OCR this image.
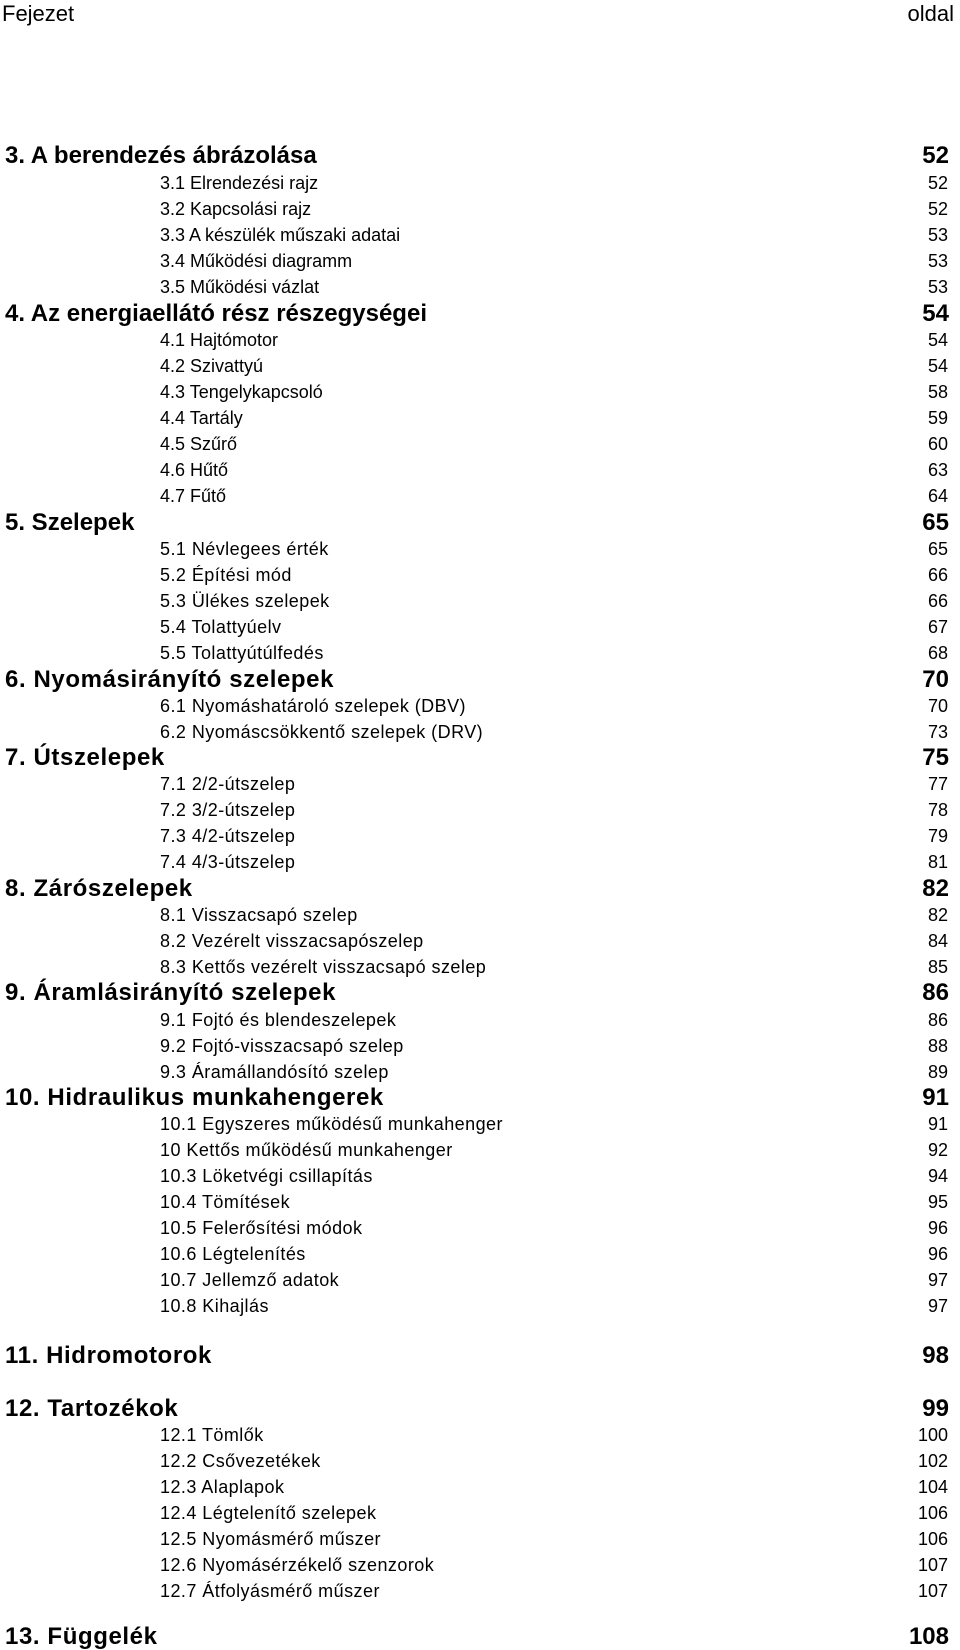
Fejezet	oldal
3. A berendezés ábrázolása	52
3.1 Elrendezési rajz	52
3.2 Kapcsolási rajz	52
3.3 A készülék műszaki adatai	53
3.4 Működési diagramm	53
3.5 Működési vázlat	53
4. Az energiaellátó rész részegységei	54
4.1 Hajtómotor	54
4.2 Szivattyú	54
4.3 Tengelykapcsoló	58
4.4 Tartály	59
4.5 Szűrő	60
4.6 Hűtő	63
4.7 Fűtő	64
5. Szelepek	65
5.1 Névlegees érték	65
5.2 Építési mód	66
5.3 Ülékes szelepek	66
5.4 Tolattyúelv	67
5.5 Tolattyútúlfedés	68
6. Nyomásirányító szelepek	70
6.1 Nyomáshatároló szelepek (DBV)	70
6.2 Nyomáscsökkentő szelepek (DRV)	73
7. Útszelepek	75
7.1 2/2-útszelep	77
7.2 3/2-útszelep	78
7.3 4/2-útszelep	79
7.4 4/3-útszelep	81
8. Zárószelepek	82
8.1 Visszacsapó szelep	82
8.2 Vezérelt visszacsapószelep	84
8.3 Kettős vezérelt visszacsapó szelep	85
9. Áramlásirányító szelepek	86
9.1 Fojtó és blendeszelepek	86
9.2 Fojtó-visszacsapó szelep	88
9.3 Áramállandósító szelep	89
10. Hidraulikus munkahengerek	91
10.1 Egyszeres működésű munkahenger	91
10 Kettős működésű munkahenger	92
10.3 Löketvégi csillapítás	94
10.4 Tömítések	95
10.5 Felerősítési módok	96
10.6 Légtelenítés	96
10.7 Jellemző adatok	97
10.8 Kihajlás	97
11. Hidromotorok	98
12. Tartozékok	99
12.1 Tömlők	100
12.2 Csővezetékek	102
12.3 Alaplapok	104
12.4 Légtelenítő szelepek	106
12.5 Nyomásmérő műszer	106
12.6 Nyomásérzékelő szenzorok	107
12.7 Átfolyásmérő műszer	107
13. Függelék	108
